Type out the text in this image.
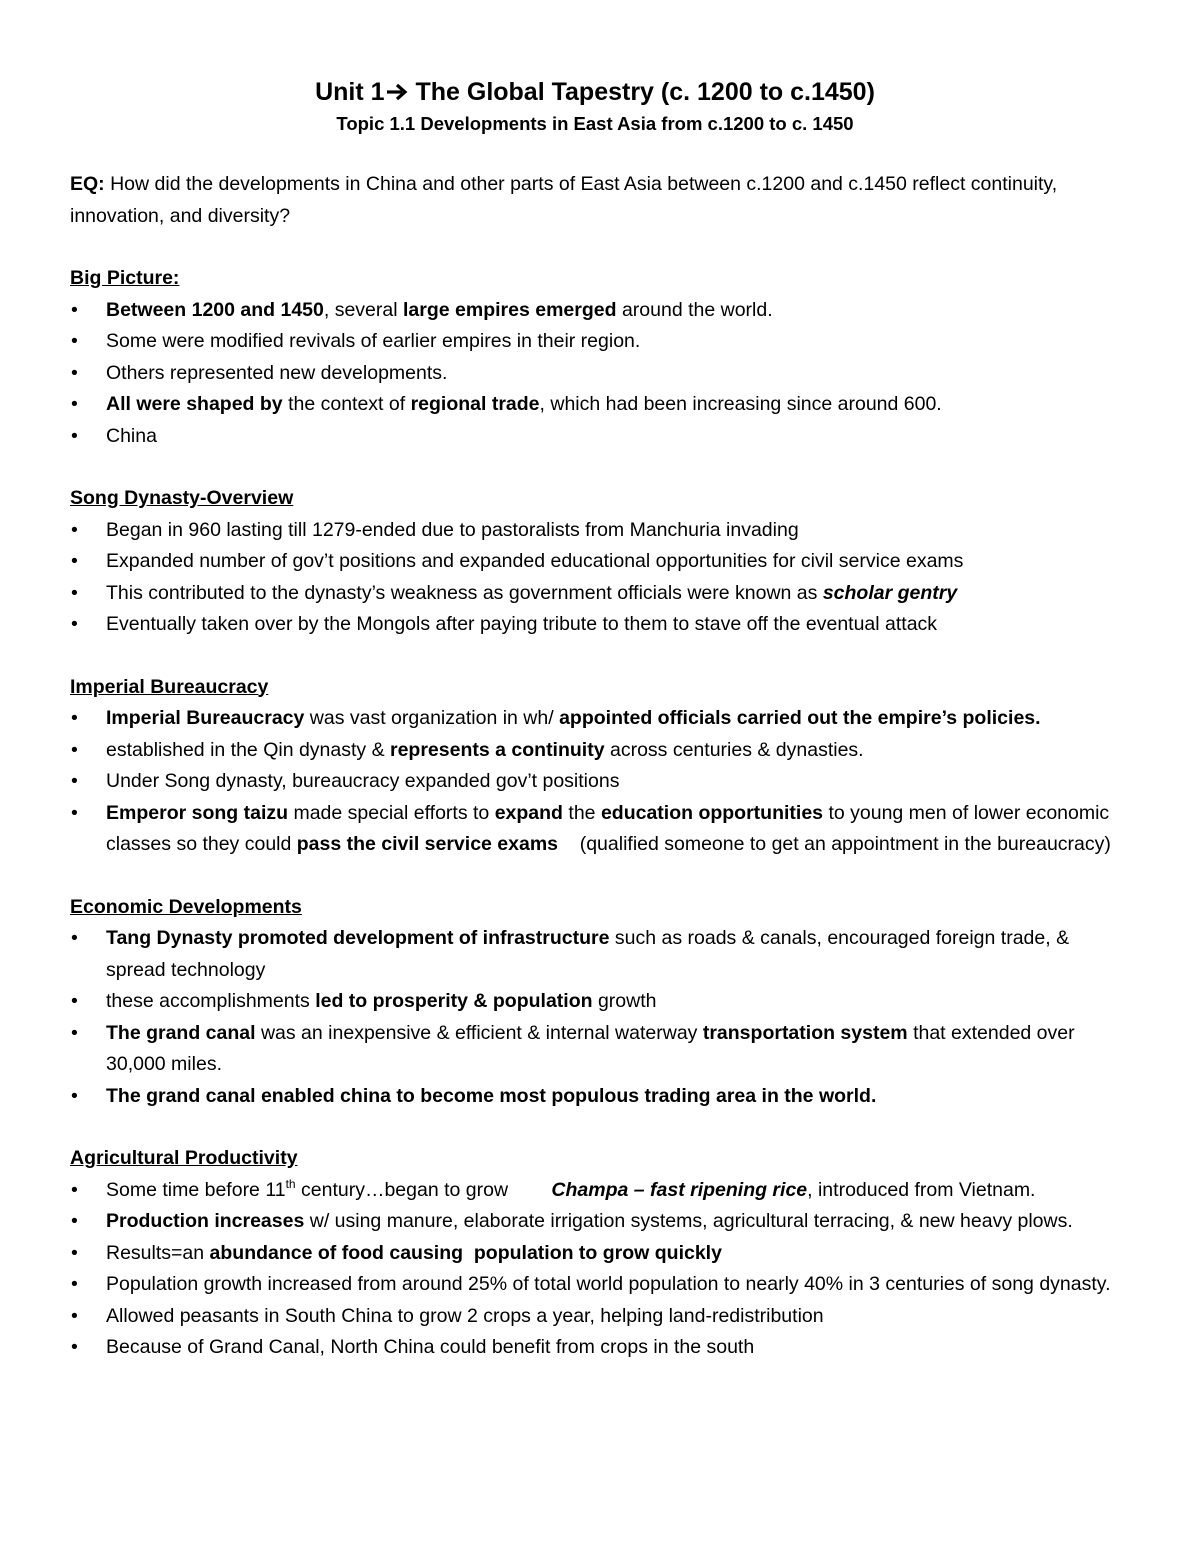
Unit 1 The Global Tapestry (c. 1200 to c.1450)

Topic 1.1 Developments in East Asia from c.1200 to c. 1450

EQ: How did the developments in China and other parts of East Asia between c.1200 and c.1450 reflect continuity, innovation, and diversity?

Big Picture:

• Between 1200 and 1450, several large empires emerged around the world.
• Some were modified revivals of earlier empires in their region.
• Others represented new developments.
• All were shaped by the context of regional trade, which had been increasing since around 600.
• China

Song Dynasty-Overview

• Began in 960 lasting till 1279-ended due to pastoralists from Manchuria invading
• Expanded number of gov’t positions and expanded educational opportunities for civil service exams
• This contributed to the dynasty’s weakness as government officials were known as scholar gentry
• Eventually taken over by the Mongols after paying tribute to them to stave off the eventual attack

Imperial Bureaucracy

• Imperial Bureaucracy was vast organization in wh/ appointed officials carried out the empire’s policies.
• established in the Qin dynasty & represents a continuity across centuries & dynasties.
• Under Song dynasty, bureaucracy expanded gov’t positions
• Emperor song taizu made special efforts to expand the education opportunities to young men of lower economic classes so they could pass the civil service exams    (qualified someone to get an appointment in the bureaucracy)

Economic Developments

• Tang Dynasty promoted development of infrastructure such as roads & canals, encouraged foreign trade, & spread technology
• these accomplishments led to prosperity & population growth
• The grand canal was an inexpensive & efficient & internal waterway transportation system that extended over 30,000 miles.
• The grand canal enabled china to become most populous trading area in the world.

Agricultural Productivity

• Some time before 11th century…began to grow        Champa – fast ripening rice, introduced from Vietnam.
• Production increases w/ using manure, elaborate irrigation systems, agricultural terracing, & new heavy plows.
• Results=an abundance of food causing  population to grow quickly
• Population growth increased from around 25% of total world population to nearly 40% in 3 centuries of song dynasty.
• Allowed peasants in South China to grow 2 crops a year, helping land-redistribution
• Because of Grand Canal, North China could benefit from crops in the south
